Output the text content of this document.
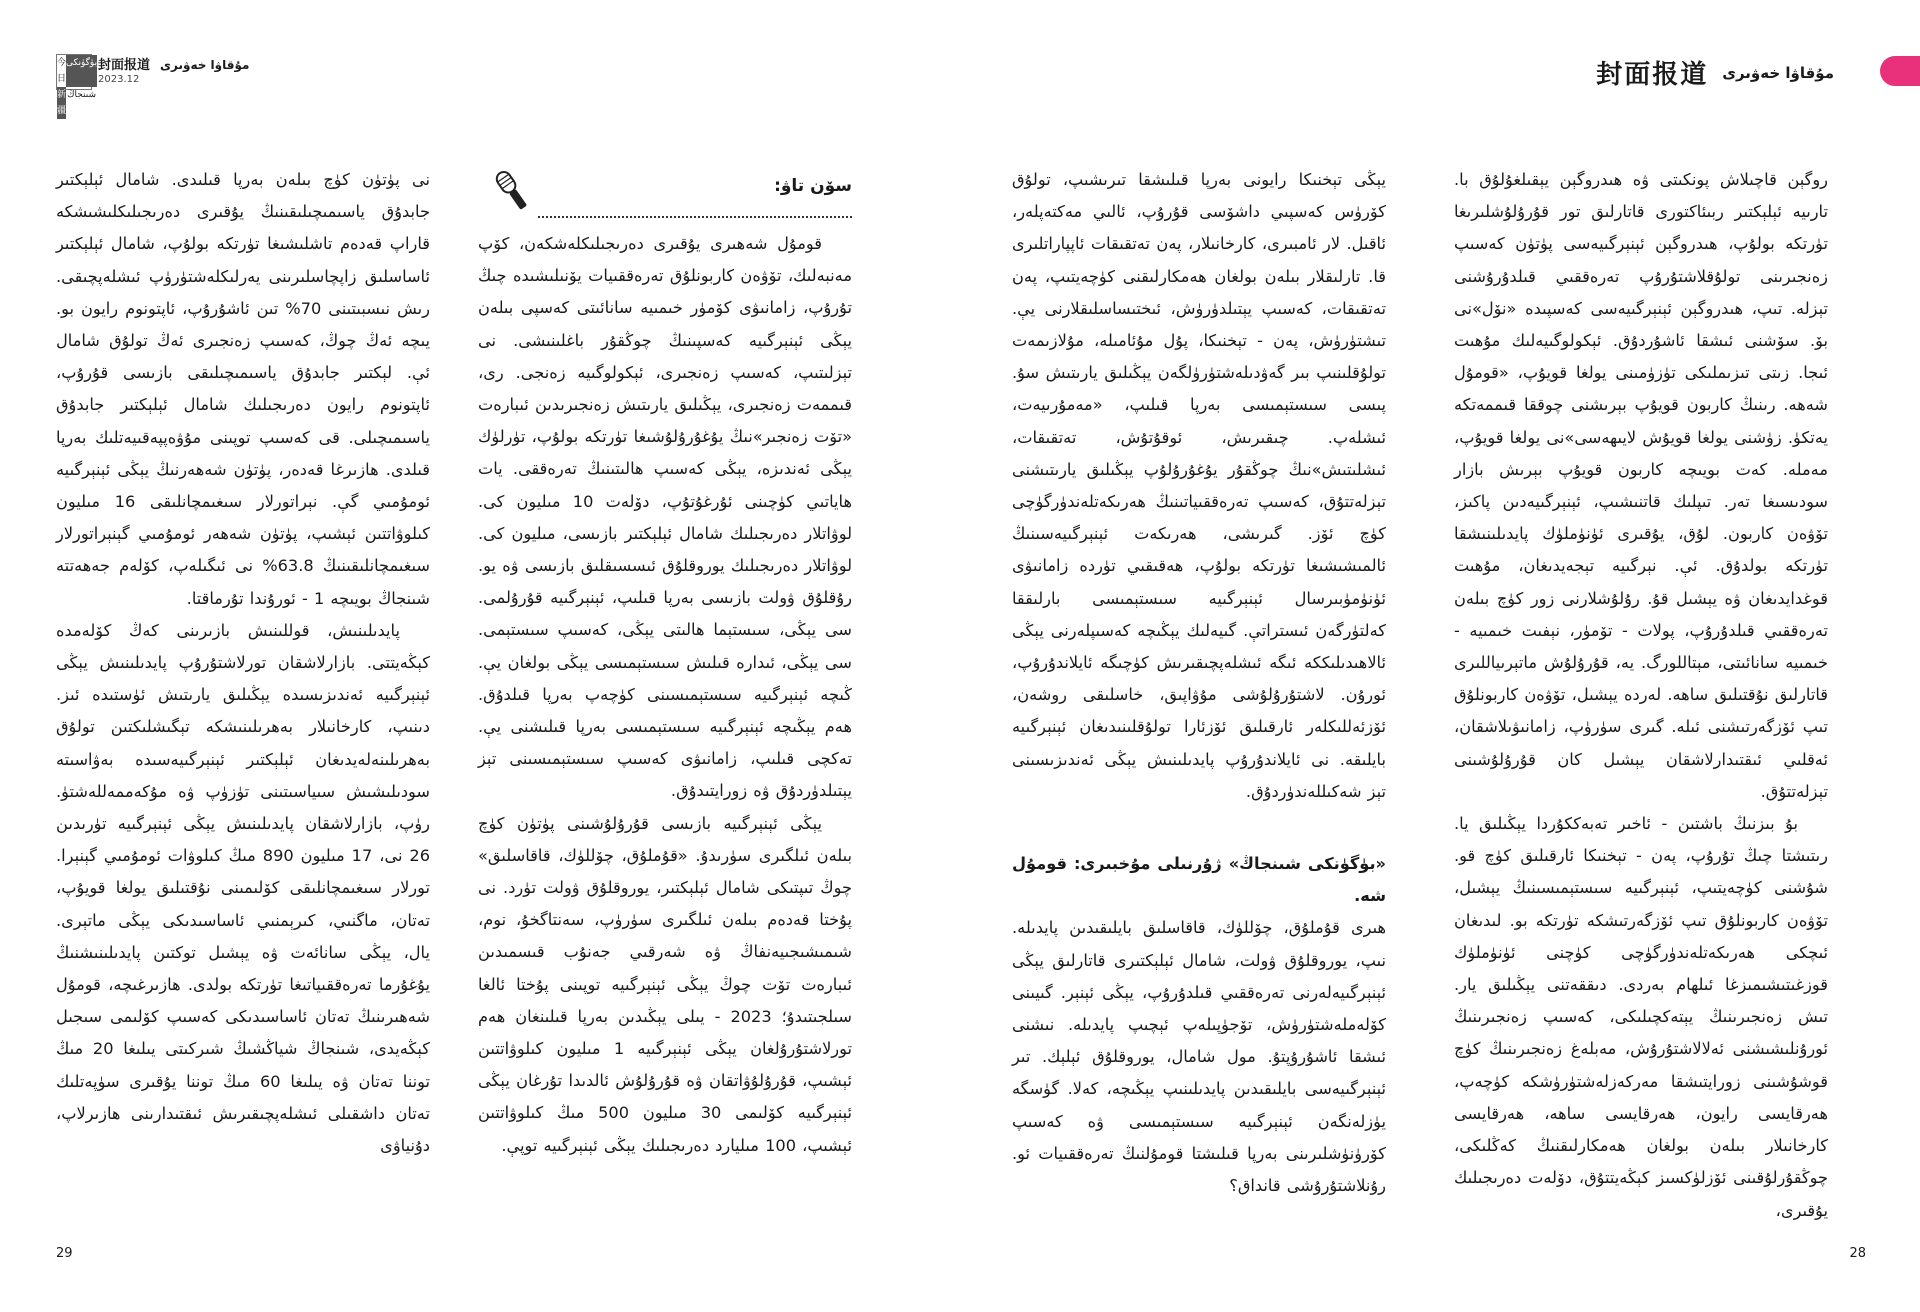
今日
بۈگۈنكى
新疆
شىنجاڭ
封面报道 مۇقاۋا خەۋىرى
2023.12

نى پۈتۈن كۈچ بىلەن بەرپا قىلىدى. شامال ئېلېكتىر جابدۇق ياسىمىچىلىقىنىڭ يۇقىرى دەرىجىلىكلىشىشكە قاراپ قەدەم تاشلىشىغا تۈرتكە بولۇپ، شامال ئېلېكتىر ئاساسلىق زاپچاسلىرىنى يەرلىكلەشتۈرۈپ ئىشلەپچىقى. رىش نىسبىتىنى 70% تىن ئاشۇرۇپ، ئاپتونوم رايون بو. يىچە ئەڭ چوڭ، كەسىپ زەنجىرى ئەڭ تولۇق شامال ئې. لېكتىر جابدۇق ياسىمىچىلىقى بازىسى قۇرۇپ، ئاپتونوم رايون دەرىجىلىك شامال ئېلېكتىر جابدۇق ياسىمىچىلى. قى كەسىپ توپىنى مۇۋەپپەقىيەتلىك بەرپا قىلدى. ھازىرغا قەدەر، پۈتۈن شەھەرنىڭ يېڭى ئېنېرگىيە ئومۇمىي گې. نېراتورلار سىغىمچانلىقى 16 مىليون كىلوۋاتتىن ئېشىپ، پۈتۈن شەھەر ئومۇمىي گېنېراتورلار سىغىمچانلىقىنىڭ 63.8% نى ئىگىلەپ، كۆلەم جەھەتتە شىنجاڭ بويىچە 1 - ئورۇندا تۇرماقتا.

پايدىلىنىش، قوللىنىش بازىرىنى كەڭ كۆلەمدە كېڭەيتتى. بازارلاشقان تورلاشتۇرۇپ پايدىلىنىش يېڭى ئېنېرگىيە ئەندىزىسىدە يېڭىلىق يارىتىش ئۈستىدە ئىز. دىنىپ، كارخانىلار بەھرىلىنىشكە تېگىشلىكتىن تولۇق بەھرىلىنەلەيدىغان ئېلېكتىر ئېنېرگىيەسىدە بەۋاسىتە سودىلىشىش سىياسىتىنى تۈزۈپ ۋە مۇكەممەللەشتۈ. رۈپ، بازارلاشقان پايدىلىنىش يېڭى ئېنېرگىيە تۈرىدىن 26 نى، 17 مىليون 890 مىڭ كىلوۋات ئومۇمىي گېنېرا. تورلار سىغىمچانلىقى كۆلىمىنى نۇقتىلىق يولغا قويۇپ، تەتان، ماگنىي، كىرېمنىي ئاساسىدىكى يېڭى ماتېرى. يال، يېڭى سانائەت ۋە يېشىل توكتىن پايدىلىنىشنىڭ يۇغۇرما تەرەققىياتىغا تۈرتكە بولدى. ھازىرغىچە، قومۇل شەھىرىنىڭ تەتان ئاساسىدىكى كەسىپ كۆلىمى سىجىل كېڭەيدى، شىنجاڭ شياڭشىڭ شىركىتى يىلىغا 20 مىڭ توننا تەتان ۋە يىلىغا 60 مىڭ توننا يۇقىرى سۈپەتلىك تەتان داشقىلى ئىشلەپچىقىرىش ئىقتىدارىنى ھازىرلاپ، دۇنياۋى

سۆن تاۋ:

قومۇل شەھىرى يۇقىرى دەرىجىلىكلەشكەن، كۆپ مەنبەلىك، تۆۋەن كاربونلۇق تەرەققىيات يۆنىلىشىدە چىڭ تۇرۇپ، زامانىۋى كۆمۈر خىمىيە سانائىتى كەسپى بىلەن يېڭى ئېنېرگىيە كەسپىنىڭ چوڭقۇر باغلىنىشى. نى تېزلىتىپ، كەسىپ زەنجىرى، ئېكولوگىيە زەنجى. رى، قىممەت زەنجىرى، يېڭىلىق يارىتىش زەنجىرىدىن ئىبارەت «تۆت زەنجىر»نىڭ يۇغۇرۇلۇشىغا تۈرتكە بولۇپ، تۈرلۈك يېڭى ئەندىزە، يېڭى كەسىپ ھالىتىنىڭ تەرەققى. يات ھاياتىي كۈچىنى ئۇرغۇتۇپ، دۆلەت 10 مىليون كى. لوۋاتلار دەرىجىلىك شامال ئېلېكتىر بازىسى، مىليون كى. لوۋاتلار دەرىجىلىك يوروقلۇق ئىسسىقلىق بازىسى ۋە يو. رۇقلۇق ۋولت بازىسى بەرپا قىلىپ، ئېنېرگىيە قۇرۇلمى. سى يېڭى، سىستېما ھالىتى يېڭى، كەسىپ سىستېمى. سى يېڭى، ئىدارە قىلىش سىستېمىسى يېڭى بولغان يې. ڭىچە ئېنېرگىيە سىستېمىسىنى كۈچەپ بەرپا قىلدۇق. ھەم يېڭىچە ئېنېرگىيە سىستېمىسى بەرپا قىلىشنى يې. تەكچى قىلىپ، زامانىۋى كەسىپ سىستېمىسىنى تېز يېتىلدۈردۇق ۋە زورايتىدۇق.

يېڭى ئېنېرگىيە بازىسى قۇرۇلۇشىنى پۈتۈن كۈچ بىلەن ئىلگىرى سۈرىدۇ. «قۇملۇق، چۆللۈك، قاقاسلىق» چوڭ تىپتىكى شامال ئېلېكتىر، يوروقلۇق ۋولت تۈرد. نى پۇختا قەدەم بىلەن ئىلگىرى سۈرۈپ، سەنتاگخۇ، نوم، شىمىشىجىيەنفاڭ ۋە شەرقىي جەنۇب قىسمىدىن ئىبارەت تۆت چوڭ يېڭى ئېنېرگىيە توپىنى پۇختا ئالغا سىلجىتىدۇ؛ 2023 - يىلى يېڭىدىن بەرپا قىلىنغان ھەم تورلاشتۇرۇلغان يېڭى ئېنېرگىيە 1 مىليون كىلوۋاتتىن ئېشىپ، قۇرۇلۇۋاتقان ۋە قۇرۇلۇش ئالدىدا تۇرغان يېڭى ئېنېرگىيە كۆلىمى 30 مىليون 500 مىڭ كىلوۋاتتىن ئېشىپ، 100 مىليارد دەرىجىلىك يېڭى ئېنېرگىيە توپې.

29
封面报道 مۇقاۋا خەۋىرى

يېڭى تېخنىكا رايونى بەرپا قىلىشقا تىرىشىپ، تولۇق كۆرۈس كەسپىي داشۆسى قۇرۇپ، ئالىي مەكتەپلەر، ئاقىل. لار ئامبىرى، كارخانىلار، پەن تەتقىقات ئاپپاراتلىرى قا. تارلىقلار بىلەن بولغان ھەمكارلىقنى كۈچەيتىپ، پەن تەتقىقات، كەسىپ يېتىلدۈرۈش، ئىختىساسلىقلارنى يې. تىشتۈرۈش، پەن - تېخنىكا، پۇل مۇئامىلە، مۇلازىمەت تولۇقلىنىپ بىر گەۋدىلەشتۈرۈلگەن يېڭىلىق يارىتىش سۇ. پىسى سىستېمىسى بەرپا قىلىپ، «مەمۇرىيەت، ئىشلەپ. چىقىرىش، ئوقۇتۇش، تەتقىقات، ئىشلىتىش»نىڭ چوڭقۇر يۇغۇرۇلۇپ يېڭىلىق يارىتىشنى تېزلەتتۇق، كەسىپ تەرەققىياتىنىڭ ھەرىكەتلەندۈرگۈچى كۈچ ئۆز. گىرىشى، ھەرىكەت ئېنېرگىيەسىنىڭ ئالمىشىشىغا تۈرتكە بولۇپ، ھەقىقىي تۈردە زامانىۋى ئۈنۈمۈبىرسال ئېنېرگىيە سىستېمىسى بارلىققا كەلتۈرگەن ئىستراتې. گىيەلىك يېڭىچە كەسىپلەرنى يېڭى ئالاھىدىلىككە ئىگە ئىشلەپچىقىرىش كۈچىگە ئايلاندۇرۇپ، ئورۇن. لاشتۇرۇلۇشى مۇۋاپىق، خاسلىقى روشەن، ئۆزئەللىكلەر ئارقىلىق ئۆزئارا تولۇقلىنىدىغان ئېنېرگىيە بايلىقە. نى ئايلاندۇرۇپ پايدىلىنىش يېڭى ئەندىزىسىنى تېز شەكىللەندۈردۇق.

«بۈگۈنكى شىنجاڭ» ژۇرنىلى مۇخبىرى: قومۇل شە.

ھىرى قۇملۇق، چۆللۈك، قاقاسلىق بايلىقىدىن پايدىلە. نىپ، يوروقلۇق ۋولت، شامال ئېلېكتىرى قاتارلىق يېڭى ئېنېرگىيەلەرنى تەرەققىي قىلدۇرۇپ، يېڭى ئېنېر. گىيىنى كۆلەملەشتۈرۈش، تۆجۈپىلەپ ئېچىپ پايدىلە. نىشنى ئىشقا ئاشۇرۇپتۇ. مول شامال، يوروقلۇق ئېلېك. تىر ئېنېرگىيەسى بايلىقىدىن پايدىلىنىپ يېڭىچە، كەلا. گۈسگە يۈزلەنگەن ئېنېرگىيە سىستېمىسى ۋە كەسىپ كۆرۈنۈشلىرىنى بەرپا قىلىشتا قومۇلنىڭ تەرەققىيات ئو. رۇنلاشتۇرۇشى قانداق؟

روگېن قاچىلاش پونكىتى ۋە ھىدروگېن يېقىلغۇلۇق با. تارىيە ئېلېكتىر ربىئاكتورى قاتارلىق تور قۇرۇلۇشلىرىغا تۈرتكە بولۇپ، ھىدروگېن ئېنېرگىيەسى پۈتۈن كەسىپ زەنجىرىنى تولۇقلاشتۇرۇپ تەرەققىي قىلدۇرۇشنى تېزلە. تىپ، ھىدروگېن ئېنېرگىيەسى كەسپىدە «نۆل»نى بۆ. سۆشنى ئىشقا ئاشۇردۇق. ئېكولوگىيەلىك مۇھىت ئىجا. زىتى تىزىملىكى تۈزۈمىنى يولغا قويۇپ، «قومۇل شەھە. رىنىڭ كاربون قويۇپ بېرىشنى چوققا قىممەتكە يەتكۈ. زۈشنى يولغا قويۇش لايىھەسى»نى يولغا قويۇپ، مەملە. كەت بويىچە كاربون قويۇپ بېرىش بازار سودىسىغا تەر. تىپلىك قاتنىشىپ، ئېنېرگىيەدىن پاكىز، تۆۋەن كاربون. لۇق، يۇقىرى ئۈنۈملۈك پايدىلىنىشقا تۈرتكە بولدۇق. ئې. نېرگىيە تېجەيدىغان، مۇھىت قوغدايدىغان ۋە يېشىل قۇ. رۇلۇشلارنى زور كۈچ بىلەن تەرەققىي قىلدۇرۇپ، پولات - تۆمۈر، نېفىت خىمىيە - خىمىيە سانائىتى، مېتاللورگ. يە، قۇرۇلۇش ماتېرىياللىرى قاتارلىق نۇقتىلىق ساھە. لەردە يېشىل، تۆۋەن كاربونلۇق تىپ ئۆزگەرتىشنى ئىلە. گىرى سۈرۈپ، زامانىۋىلاشقان، ئەقلىي ئىقتىدارلاشقان يېشىل كان قۇرۇلۇشىنى تېزلەتتۇق.

بۇ بىزنىڭ باشتىن - ئاخىر تەبەككۇردا يېڭىلىق يا. رىتىشتا چىڭ تۇرۇپ، پەن - تېخنىكا ئارقىلىق كۈچ قو. شۇشنى كۈچەيتىپ، ئېنېرگىيە سىستېمىسىنىڭ يېشىل، تۆۋەن كاربونلۇق تىپ ئۆزگەرتىشكە تۈرتكە بو. لىدىغان ئىچكى ھەرىكەتلەندۈرگۈچى كۈچنى ئۈنۈملۈك قوزغىتىشىمىزغا ئىلھام بەردى. دىققەتنى يېڭىلىق يار. تىش زەنجىرىنىڭ يېتەكچىلىكى، كەسىپ زەنجىرىنىڭ ئورۇنلىشىشنى ئەلالاشتۇرۇش، مەبلەغ زەنجىرىنىڭ كۈچ قوشۇشىنى زورايتىشقا مەركەزلەشتۈرۈشكە كۈچەپ، ھەرقايسى رايون، ھەرقايسى ساھە، ھەرقايسى كارخانىلار بىلەن بولغان ھەمكارلىقنىڭ كەڭلىكى، چوڭقۇرلۇقىنى ئۆزلۈكسىز كېڭەيتتۇق، دۆلەت دەرىجىلىك يۇقىرى،

28
